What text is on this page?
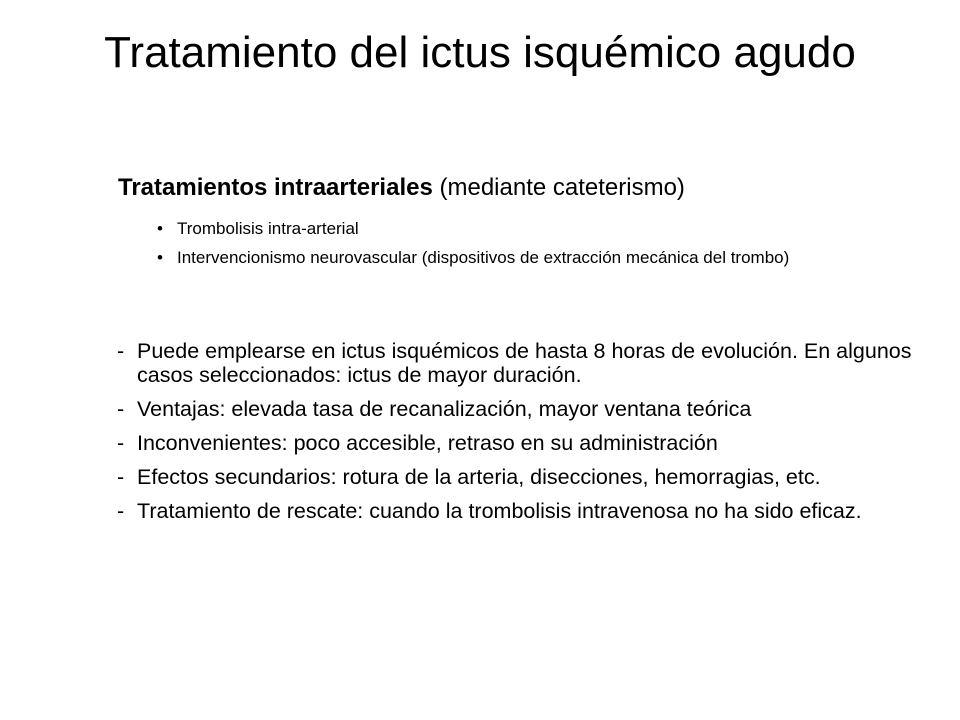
Tratamiento del ictus isquémico agudo

Tratamientos intraarteriales (mediante cateterismo)

• Trombolisis intra-arterial
• Intervencionismo neurovascular (dispositivos de extracción mecánica del trombo)
- Puede emplearse en ictus isquémicos de hasta 8 horas de evolución. En algunos casos seleccionados: ictus de mayor duración.
- Ventajas: elevada tasa de recanalización, mayor ventana teórica
- Inconvenientes: poco accesible, retraso en su administración
- Efectos secundarios: rotura de la arteria, disecciones, hemorragias, etc.
- Tratamiento de rescate: cuando la trombolisis intravenosa no ha sido eficaz.
